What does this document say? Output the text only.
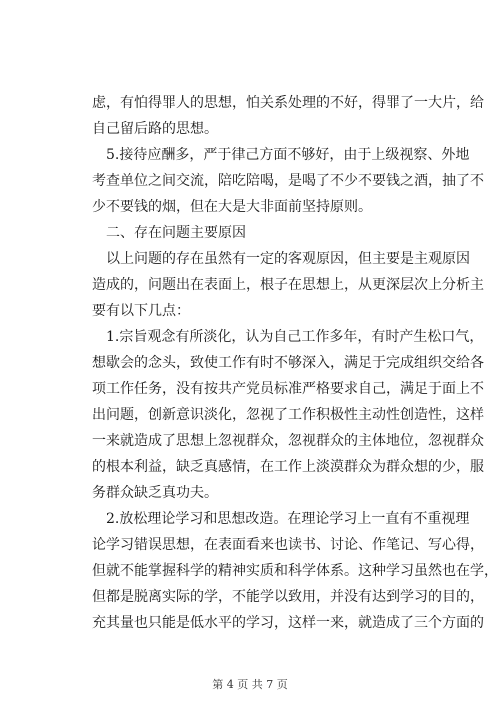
虑，有怕得罪人的思想，怕关系处理的不好，得罪了一大片，给
自己留后路的思想。
5.接待应酬多，严于律己方面不够好，由于上级视察、外地
考查单位之间交流，陪吃陪喝，是喝了不少不要钱之酒，抽了不
少不要钱的烟，但在大是大非面前坚持原则。
二、存在问题主要原因
以上问题的存在虽然有一定的客观原因，但主要是主观原因
造成的，问题出在表面上，根子在思想上，从更深层次上分析主
要有以下几点：
1.宗旨观念有所淡化，认为自己工作多年，有时产生松口气，
想歇会的念头，致使工作有时不够深入，满足于完成组织交给各
项工作任务，没有按共产党员标准严格要求自己，满足于面上不
出问题，创新意识淡化，忽视了工作积极性主动性创造性，这样
一来就造成了思想上忽视群众，忽视群众的主体地位，忽视群众
的根本利益，缺乏真感情，在工作上淡漠群众为群众想的少，服
务群众缺乏真功夫。
2.放松理论学习和思想改造。在理论学习上一直有不重视理
论学习错误思想，在表面看来也读书、讨论、作笔记、写心得，
但就不能掌握科学的精神实质和科学体系。这种学习虽然也在学，
但都是脱离实际的学，不能学以致用，并没有达到学习的目的，
充其量也只能是低水平的学习，这样一来，就造成了三个方面的
第 4 页 共 7 页
